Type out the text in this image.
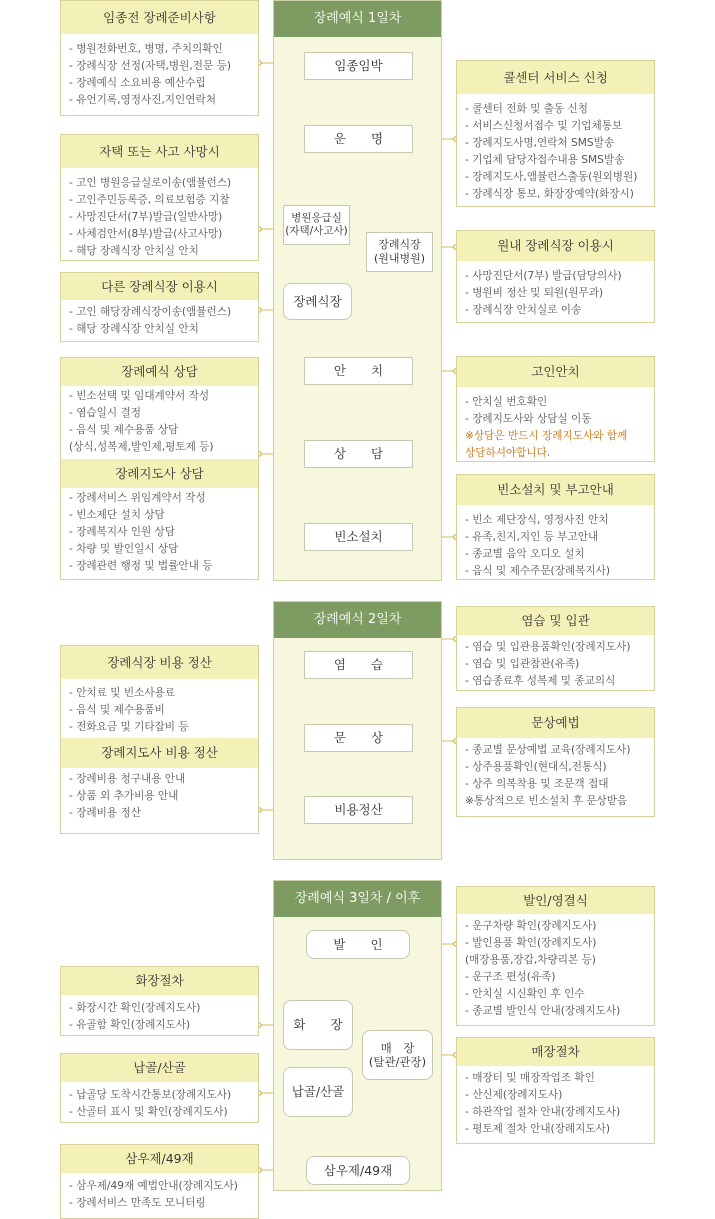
장례예식 1일차
임종임박
운　　명
병원응급실
(자택/사고사)
장례식장
(원내병원)
장례식장
안　　치
상　　담
빈소설치
장례예식 2일차
염　　습
문　　상
비용정산
장례예식 3일차 / 이후
발　　인
화　　장
매　장
(탈관/관장)
납골/산골
삼우제/49재
임종전 장례준비사항
- 병원전화번호, 병명, 주치의확인
- 장례식장 선정(자택,병원,전문 등)
- 장례예식 소요비용 예산수립
- 유언기록,영정사진,지인연락처
자택 또는 사고 사망시
- 고인 병원응급실로이송(앰뷸런스)
- 고인주민등록증, 의료보험증 지참
- 사망진단서(7부)발급(일반사망)
- 사체검안서(8부)발급(사고사망)
- 해당 장례식장 안치실 안치
다른 장례식장 이용시
- 고인 해당장례식장이송(앰뷸런스)
- 해당 장례식장 안치실 안치
장례예식 상담
- 빈소선택 및 임대계약서 작성
- 염습일시 결정
- 음식 및 제수용품 상담
(상식,성복제,발인제,평토제 등)
장례지도사 상담
- 장례서비스 위임계약서 작성
- 빈소제단 설치 상담
- 장례복지사 인원 상담
- 차량 및 발인일시 상담
- 장례관련 행정 및 법률안내 등
장례식장 비용 정산
- 안치료 및 빈소사용료
- 음식 및 제수용품비
- 전화요금 및 기타잡비 등
장례지도사 비용 정산
- 장례비용 청구내용 안내
- 상품 외 추가비용 안내
- 장례비용 정산
화장절차
- 화장시간 확인(장례지도사)
- 유골함 확인(장례지도사)
납골/산골
- 납골당 도착시간통보(장례지도사)
- 산골터 표시 및 확인(장례지도사)
삼우제/49재
- 삼우제/49재 예법안내(장례지도사)
- 장례서비스 만족도 모니터링
콜센터 서비스 신청
- 콜센터 전화 및 출동 신청
- 서비스신청서접수 및 기업체통보
- 장례지도사명,연락처 SMS발송
- 기업체 담당자접수내용 SMS발송
- 장례지도사,앰뷸런스출동(원외병원)
- 장례식장 통보, 화장장예약(화장시)
원내 장례식장 이용시
- 사망진단서(7부) 발급(담당의사)
- 병원비 정산 및 퇴원(원무과)
- 장례식장 안치실로 이송
고인안치
- 안치실 번호확인
- 장례지도사와 상담실 이동
※상담은 반드시 장례지도사와 함께
상담하셔야합니다.
빈소설치 및 부고안내
- 빈소 제단장식, 영정사진 안치
- 유족,친지,지인 등 부고안내
- 종교별 음악 오디오 설치
- 음식 및 제수주문(장례복지사)
염습 및 입관
- 염습 및 입관용품확인(장례지도사)
- 염습 및 입관참관(유족)
- 염습종료후 성복제 및 종교의식
문상예법
- 종교별 문상예법 교육(장례지도사)
- 상주용품확인(현대식,전통식)
- 상주 의복착용 및 조문객 접대
※통상적으로 빈소설치 후 문상받음
발인/영결식
- 운구차량 확인(장례지도사)
- 발인용품 확인(장례지도사)
(매장용품,장갑,차량리본 등)
- 운구조 편성(유족)
- 안치실 시신확인 후 인수
- 종교별 발인식 안내(장례지도사)
매장절차
- 매장터 및 매장작업조 확인
- 산신제(장례지도사)
- 하관작업 절차 안내(장례지도사)
- 평토제 절차 안내(장례지도사)
